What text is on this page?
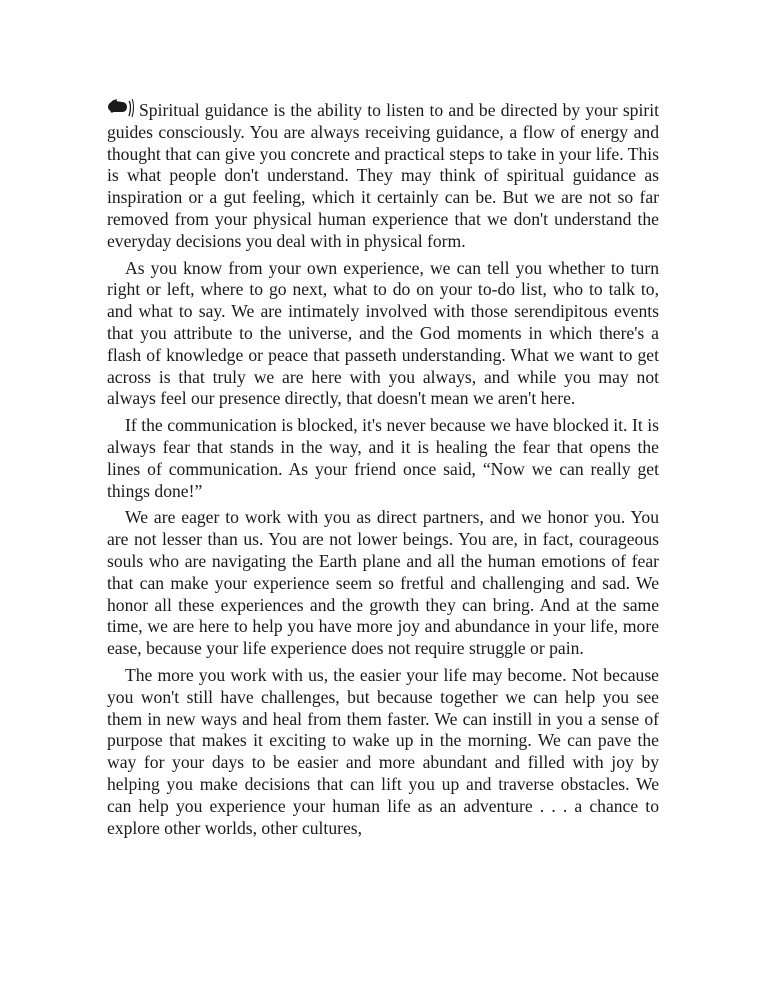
Spiritual guidance is the ability to listen to and be directed by your spirit guides consciously. You are always receiving guidance, a flow of energy and thought that can give you concrete and practical steps to take in your life. This is what people don't understand. They may think of spiritual guidance as inspiration or a gut feeling, which it certainly can be. But we are not so far removed from your physical human experience that we don't understand the everyday decisions you deal with in physical form.

As you know from your own experience, we can tell you whether to turn right or left, where to go next, what to do on your to-do list, who to talk to, and what to say. We are intimately involved with those serendipitous events that you attribute to the universe, and the God moments in which there's a flash of knowledge or peace that passeth understanding. What we want to get across is that truly we are here with you always, and while you may not always feel our presence directly, that doesn't mean we aren't here.

If the communication is blocked, it's never because we have blocked it. It is always fear that stands in the way, and it is healing the fear that opens the lines of communication. As your friend once said, “Now we can really get things done!”

We are eager to work with you as direct partners, and we honor you. You are not lesser than us. You are not lower beings. You are, in fact, courageous souls who are navigating the Earth plane and all the human emotions of fear that can make your experience seem so fretful and challenging and sad. We honor all these experiences and the growth they can bring. And at the same time, we are here to help you have more joy and abundance in your life, more ease, because your life experience does not require struggle or pain.

The more you work with us, the easier your life may become. Not because you won't still have challenges, but because together we can help you see them in new ways and heal from them faster. We can instill in you a sense of purpose that makes it exciting to wake up in the morning. We can pave the way for your days to be easier and more abundant and filled with joy by helping you make decisions that can lift you up and traverse obstacles. We can help you experience your human life as an adventure . . . a chance to explore other worlds, other cultures,
